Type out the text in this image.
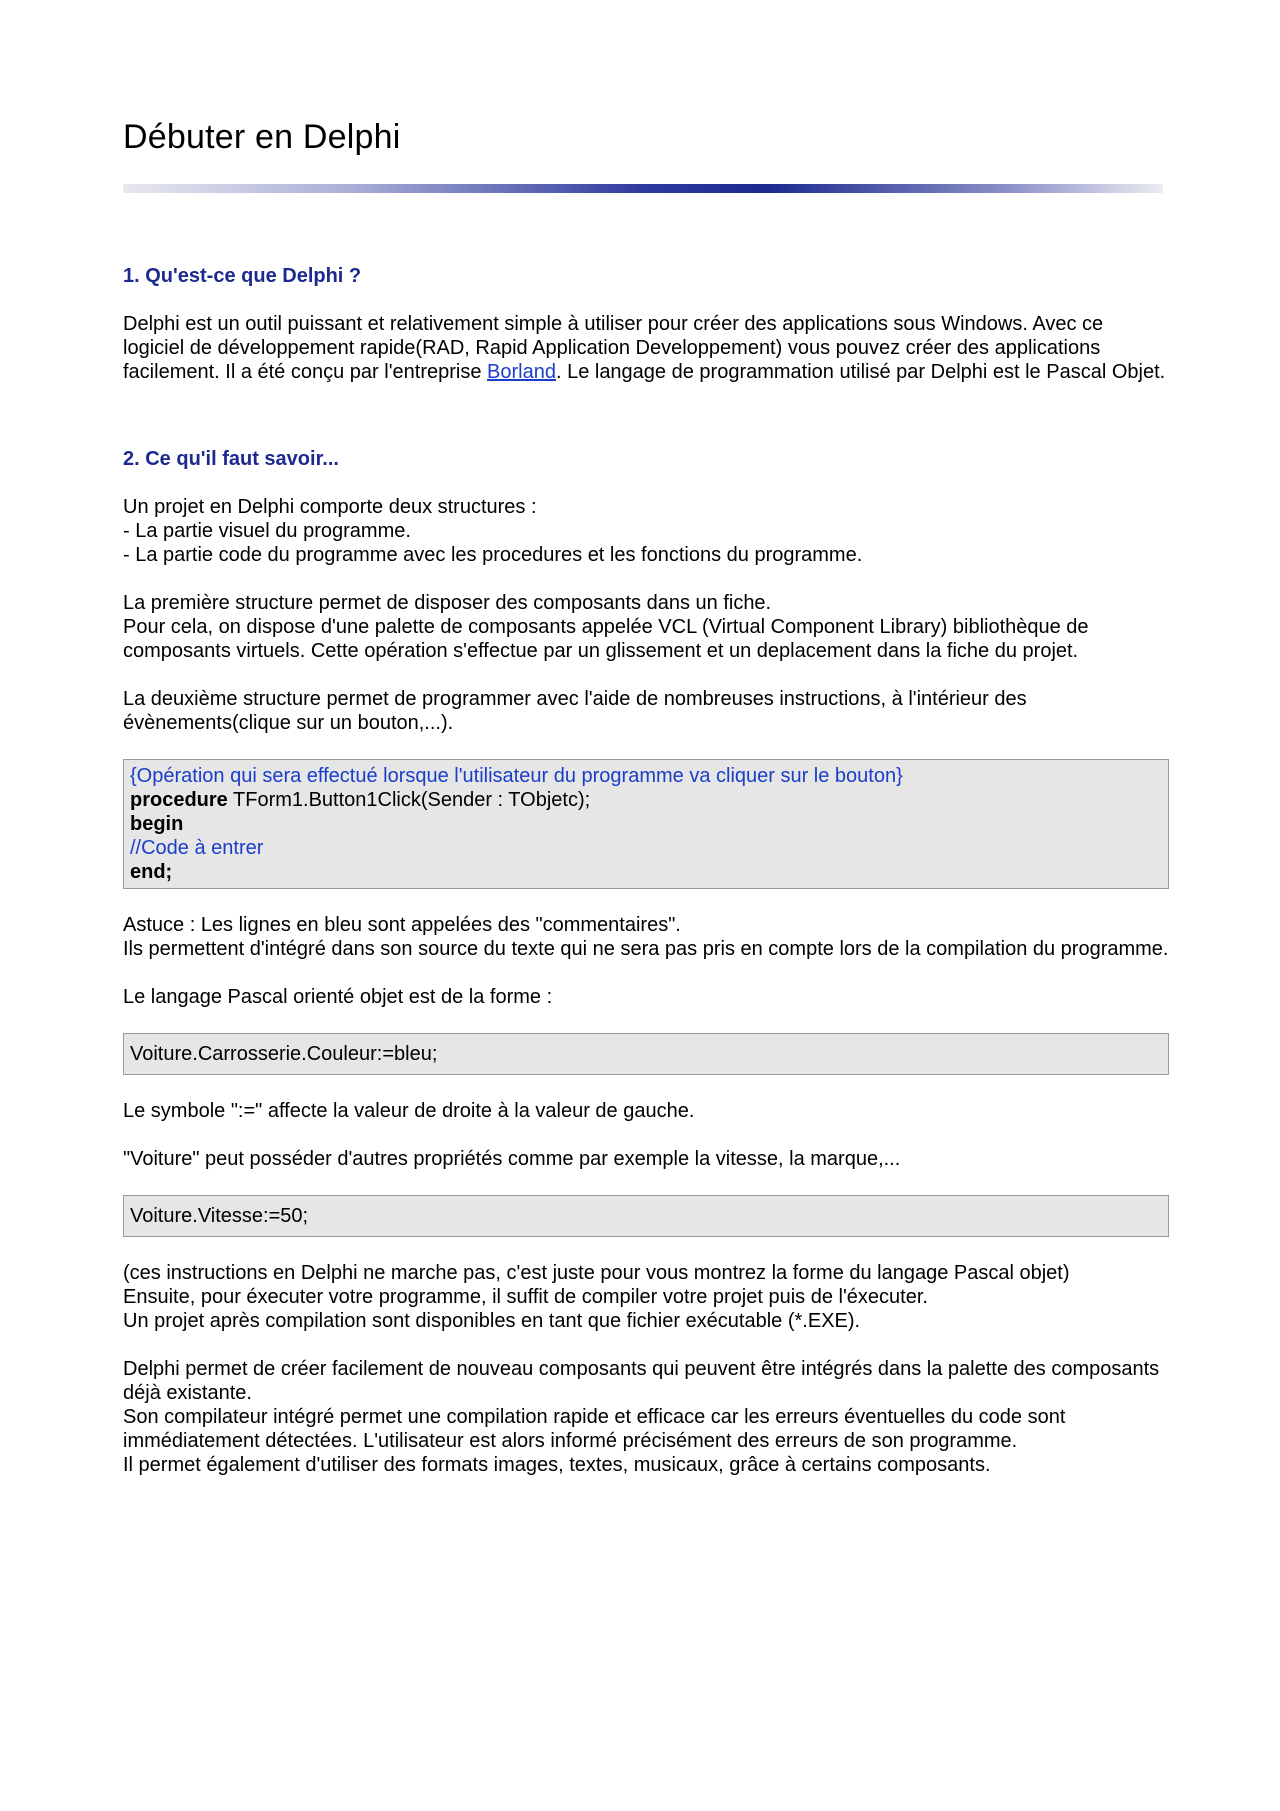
Débuter en Delphi
1. Qu'est-ce que Delphi ?
Delphi est un outil puissant et relativement simple à utiliser pour créer des applications sous Windows. Avec ce logiciel de développement rapide(RAD, Rapid Application Developpement) vous pouvez créer des applications facilement. Il a été conçu par l'entreprise Borland. Le langage de programmation utilisé par Delphi est le Pascal Objet.
2. Ce qu'il faut savoir...
Un projet en Delphi comporte deux structures :
- La partie visuel du programme.
- La partie code du programme avec les procedures et les fonctions du programme.
La première structure permet de disposer des composants dans un fiche.
Pour cela, on dispose d'une palette de composants appelée VCL (Virtual Component Library) bibliothèque de composants virtuels. Cette opération s'effectue par un glissement et un deplacement dans la fiche du projet.
La deuxième structure permet de programmer avec l'aide de nombreuses instructions, à l'intérieur des évènements(clique sur un bouton,...).
{Opération qui sera effectué lorsque l'utilisateur du programme va cliquer sur le bouton}
procedure TForm1.Button1Click(Sender : TObjetc);
begin
//Code à entrer
end;
Astuce : Les lignes en bleu sont appelées des "commentaires".
Ils permettent d'intégré dans son source du texte qui ne sera pas pris en compte lors de la compilation du programme.
Le langage Pascal orienté objet est de la forme :
Voiture.Carrosserie.Couleur:=bleu;
Le symbole ":=" affecte la valeur de droite à la valeur de gauche.
"Voiture" peut posséder d'autres propriétés comme par exemple la vitesse, la marque,...
Voiture.Vitesse:=50;
(ces instructions en Delphi ne marche pas, c'est juste pour vous montrez la forme du langage Pascal objet)
Ensuite, pour éxecuter votre programme, il suffit de compiler votre projet puis de l'éxecuter.
Un projet après compilation sont disponibles en tant que fichier exécutable (*.EXE).
Delphi permet de créer facilement de nouveau composants qui peuvent être intégrés dans la palette des composants déjà existante.
Son compilateur intégré permet une compilation rapide et efficace car les erreurs éventuelles du code sont immédiatement détectées. L'utilisateur est alors informé précisément des erreurs de son programme.
Il permet également d'utiliser des formats images, textes, musicaux, grâce à certains composants.
